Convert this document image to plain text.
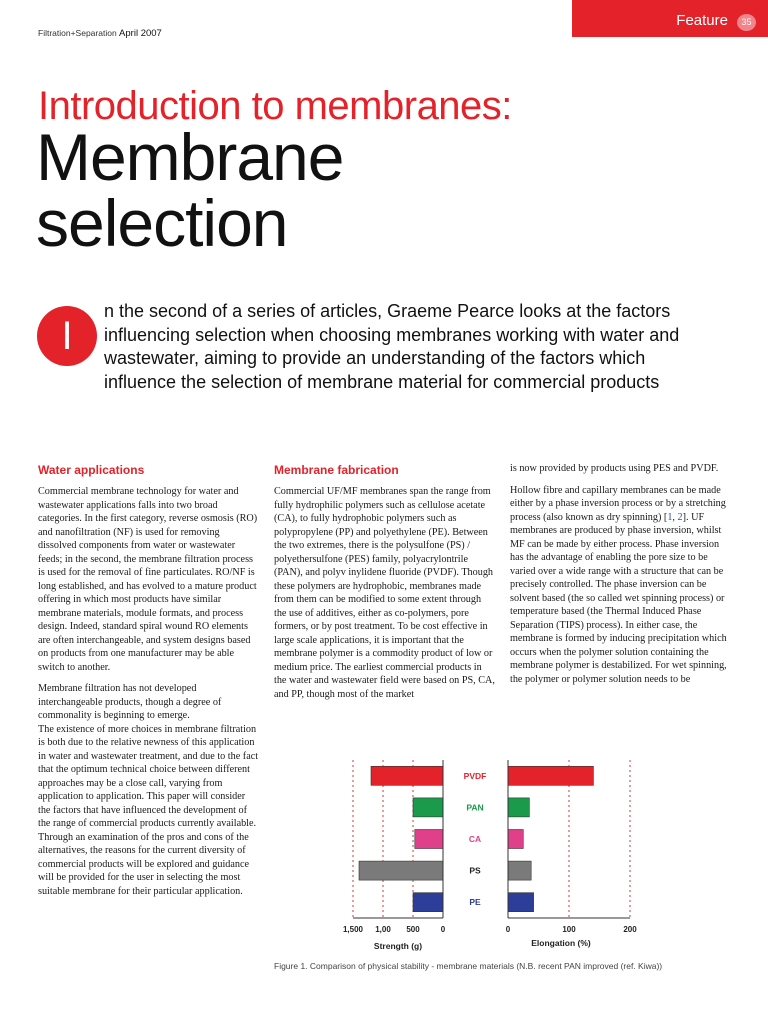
Feature	35
Filtration+Separation April 2007
Introduction to membranes:
Membrane
selection
I

n the second of a series of articles, Graeme Pearce looks at the factors influencing selection when choosing membranes working with water and wastewater, aiming to provide an understanding of the factors which influence the selection of membrane material for commercial products

Water applications	Membrane fabrication

Commercial membrane technology for water and wastewater applications falls into two broad categories. In the first category, reverse osmosis (RO) and nanofiltration (NF) is used for removing dissolved components from water or wastewater feeds; in the second, the membrane filtration process is used for the removal of fine particulates. RO/NF is long established, and has evolved to a mature product offering in which most products have similar membrane materials, module formats, and process design. Indeed, standard spiral wound RO elements are often interchangeable, and system designs based on products from one manufacturer may be able switch to another.

Membrane filtration has not developed interchangeable products, though a degree of commonality is beginning to emerge.

The existence of more choices in membrane filtration is both due to the relative newness of this application in water and wastewater treatment, and due to the fact that the optimum technical choice between different approaches may be a close call, varying from application to application. This paper will consider the factors that have influenced the development of the range of commercial products currently available. Through an examination of the pros and cons of the alternatives, the reasons for the current diversity of commercial products will be explored and guidance will be provided for the user in selecting the most suitable membrane for their particular application.

Commercial UF/MF membranes span the range from fully hydrophilic polymers such as cellulose acetate (CA), to fully hydrophobic polymers such as polypropylene (PP) and polyethylene (PE). Between the two extremes, there is the polysulfone (PS) / polyethersulfone (PES) family, polyacrylontrile (PAN), and polyv inylidene fluoride (PVDF). Though these polymers are hydrophobic, membranes made from them can be modified to some extent through the use of additives, either as co-polymers, pore formers, or by post treatment. To be cost effective in large scale applications, it is important that the membrane polymer is a commodity product of low or medium price. The earliest commercial products in the water and wastewater field were based on PS, CA, and PP, though most of the market

is now provided by products using PES and PVDF.

Hollow fibre and capillary membranes can be made either by a phase inversion process or by a stretching process (also known as dry spinning) [1, 2]. UF membranes are produced by phase inversion, whilst MF can be made by either process. Phase inversion has the advantage of enabling the pore size to be varied over a wide range with a structure that can be precisely controlled. The phase inversion can be solvent based (the so called wet spinning process) or temperature based (the Thermal Induced Phase Separation (TIPS) process). In either case, the membrane is formed by inducing precipitation which occurs when the polymer solution containing the membrane polymer is destabilized. For wet spinning, the polymer or polymer solution needs to be

PVDF
PAN
CA
PS
PE
1,500 1,00 500	0	0	100	200
Strength (g)	Elongation (%)
Figure 1. Comparison of physical stability - membrane materials (N.B. recent PAN improved (ref. Kiwa))
